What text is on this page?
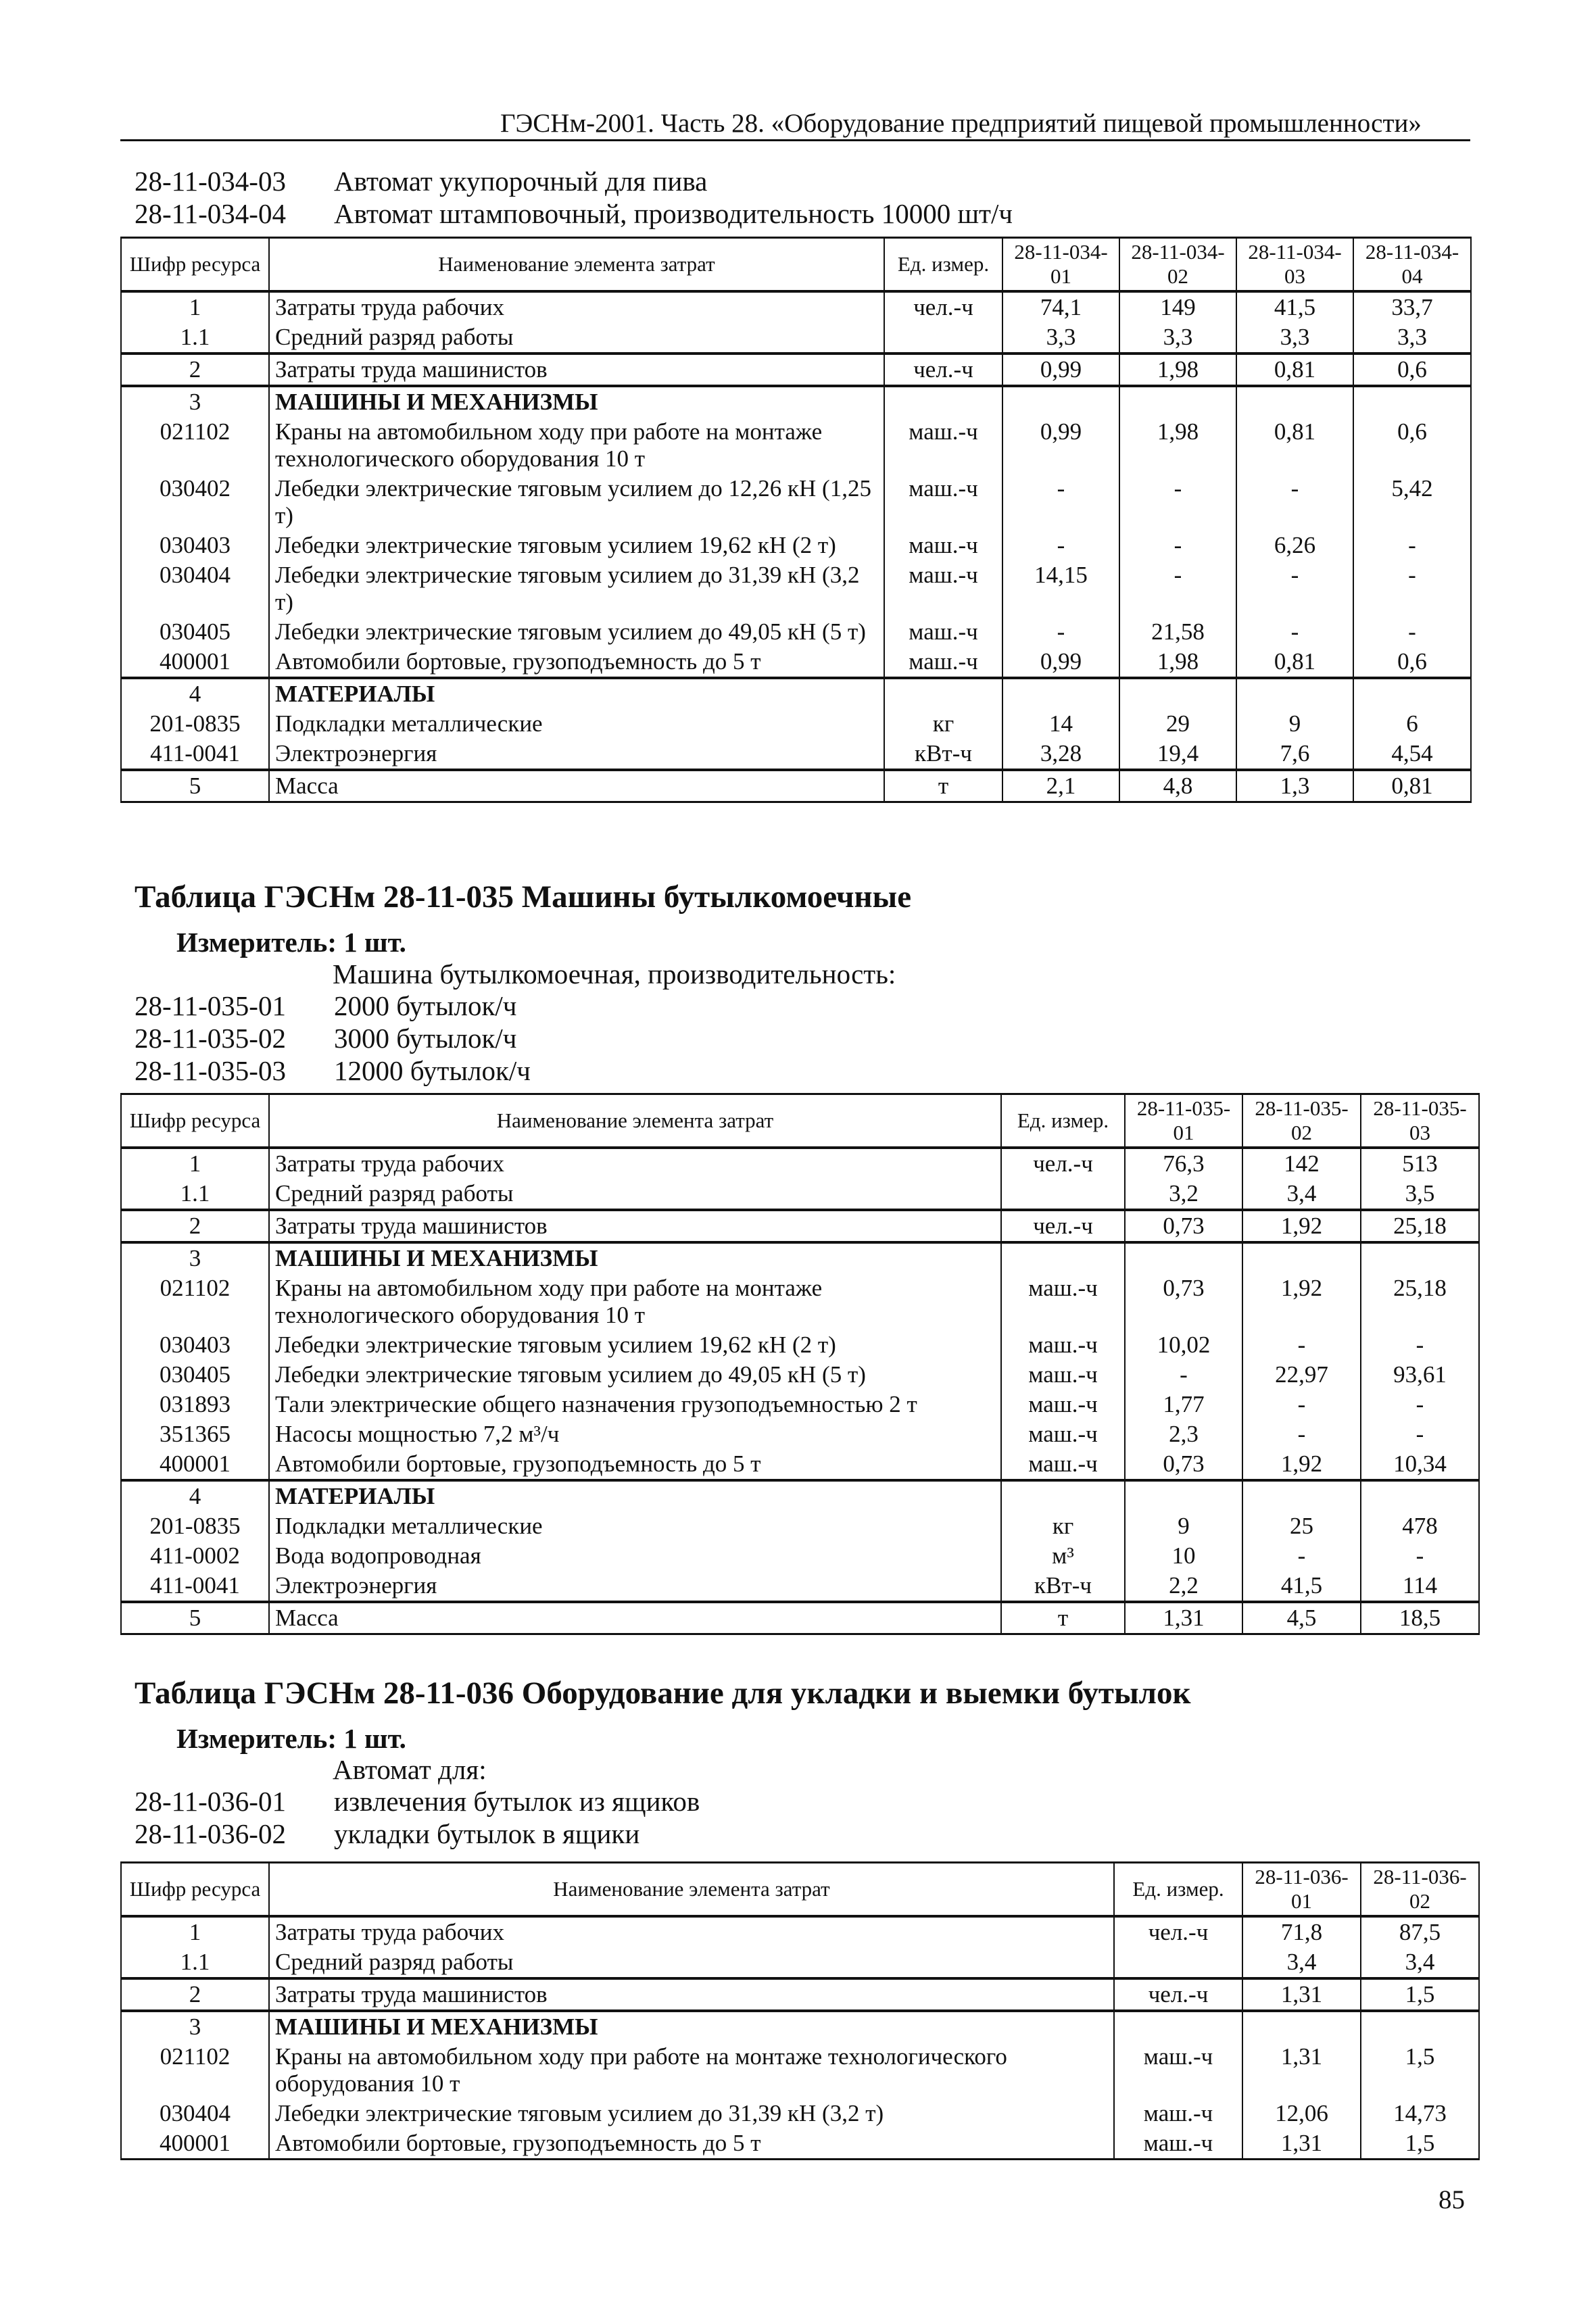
ГЭСНм-2001. Часть 28. «Оборудование предприятий пищевой промышленности»
28-11-034-03	Автомат укупорочный для пива
28-11-034-04	Автомат штамповочный, производительность 10000 шт/ч
Шифр ресурса	Наименование элемента затрат	Ед. измер.	28-11-034-01	28-11-034-02	28-11-034-03	28-11-034-04
1	Затраты труда рабочих	чел.-ч	74,1	149	41,5	33,7
1.1	Средний разряд работы		3,3	3,3	3,3	3,3
2	Затраты труда машинистов	чел.-ч	0,99	1,98	0,81	0,6
3	МАШИНЫ И МЕХАНИЗМЫ					
021102	Краны на автомобильном ходу при работе на монтаже технологического оборудования 10 т	маш.-ч	0,99	1,98	0,81	0,6
030402	Лебедки электрические тяговым усилием до 12,26 кН (1,25 т)	маш.-ч	-	-	-	5,42
030403	Лебедки электрические тяговым усилием 19,62 кН (2 т)	маш.-ч	-	-	6,26	-
030404	Лебедки электрические тяговым усилием до 31,39 кН (3,2 т)	маш.-ч	14,15	-	-	-
030405	Лебедки электрические тяговым усилием до 49,05 кН (5 т)	маш.-ч	-	21,58	-	-
400001	Автомобили бортовые, грузоподъемность до 5 т	маш.-ч	0,99	1,98	0,81	0,6
4	МАТЕРИАЛЫ					
201-0835	Подкладки металлические	кг	14	29	9	6
411-0041	Электроэнергия	кВт-ч	3,28	19,4	7,6	4,54
5	Масса	т	2,1	4,8	1,3	0,81
Таблица ГЭСНм 28-11-035 Машины бутылкомоечные
Измеритель: 1 шт.
Машина бутылкомоечная, производительность:
28-11-035-01	2000 бутылок/ч
28-11-035-02	3000 бутылок/ч
28-11-035-03	12000 бутылок/ч
Шифр ресурса	Наименование элемента затрат	Ед. измер.	28-11-035-01	28-11-035-02	28-11-035-03
1	Затраты труда рабочих	чел.-ч	76,3	142	513
1.1	Средний разряд работы		3,2	3,4	3,5
2	Затраты труда машинистов	чел.-ч	0,73	1,92	25,18
3	МАШИНЫ И МЕХАНИЗМЫ				
021102	Краны на автомобильном ходу при работе на монтаже технологического оборудования 10 т	маш.-ч	0,73	1,92	25,18
030403	Лебедки электрические тяговым усилием 19,62 кН (2 т)	маш.-ч	10,02	-	-
030405	Лебедки электрические тяговым усилием до 49,05 кН (5 т)	маш.-ч	-	22,97	93,61
031893	Тали электрические общего назначения грузоподъемностью 2 т	маш.-ч	1,77	-	-
351365	Насосы мощностью 7,2 м³/ч	маш.-ч	2,3	-	-
400001	Автомобили бортовые, грузоподъемность до 5 т	маш.-ч	0,73	1,92	10,34
4	МАТЕРИАЛЫ				
201-0835	Подкладки металлические	кг	9	25	478
411-0002	Вода водопроводная	м³	10	-	-
411-0041	Электроэнергия	кВт-ч	2,2	41,5	114
5	Масса	т	1,31	4,5	18,5
Таблица ГЭСНм 28-11-036 Оборудование для укладки и выемки бутылок
Измеритель: 1 шт.
Автомат для:
28-11-036-01	извлечения бутылок из ящиков
28-11-036-02	укладки бутылок в ящики
Шифр ресурса	Наименование элемента затрат	Ед. измер.	28-11-036-01	28-11-036-02
1	Затраты труда рабочих	чел.-ч	71,8	87,5
1.1	Средний разряд работы		3,4	3,4
2	Затраты труда машинистов	чел.-ч	1,31	1,5
3	МАШИНЫ И МЕХАНИЗМЫ			
021102	Краны на автомобильном ходу при работе на монтаже технологического оборудования 10 т	маш.-ч	1,31	1,5
030404	Лебедки электрические тяговым усилием до 31,39 кН (3,2 т)	маш.-ч	12,06	14,73
400001	Автомобили бортовые, грузоподъемность до 5 т	маш.-ч	1,31	1,5
85
